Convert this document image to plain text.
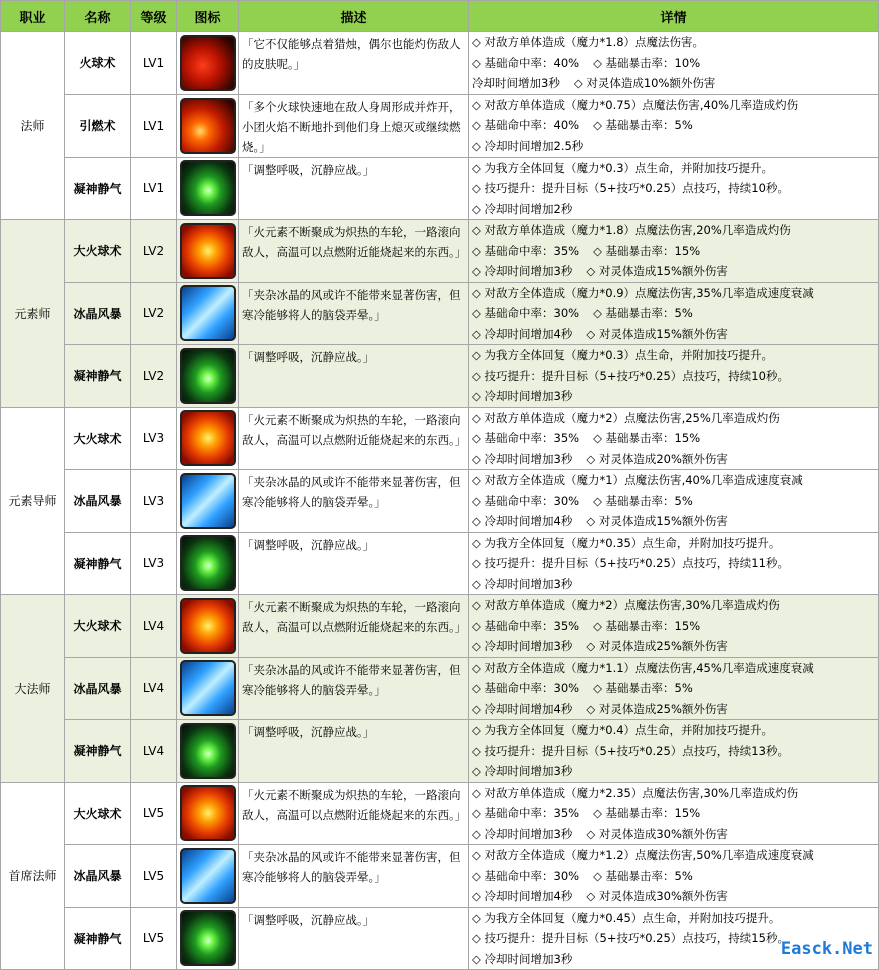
职业	名称	等级	图标	描述	详情
法师	火球术	LV1		「它不仅能够点着猎烛，偶尔也能灼伤敌人的皮肤呢。」	◇ 对敌方单体造成（魔力*1.8）点魔法伤害。
◇ 基础命中率：40% ◇ 基础暴击率：10%
冷却时间增加3秒 ◇ 对灵体造成10%额外伤害

	引燃术	LV1		「多个火球快速地在敌人身周形成并炸开，小团火焰不断地扑到他们身上熄灭或继续燃烧。」	◇ 对敌方单体造成（魔力*0.75）点魔法伤害,40%几率造成灼伤
◇ 基础命中率：40% ◇ 基础暴击率：5%
◇ 冷却时间增加2.5秒

	凝神静气	LV1		「调整呼吸，沉静应战。」	◇ 为我方全体回复（魔力*0.3）点生命，并附加技巧提升。
◇ 技巧提升：提升目标（5+技巧*0.25）点技巧，持续10秒。
◇ 冷却时间增加2秒

元素师	大火球术	LV2		「火元素不断聚成为炽热的车轮，一路滚向敌人，高温可以点燃附近能烧起来的东西。」	◇ 对敌方单体造成（魔力*1.8）点魔法伤害,20%几率造成灼伤
◇ 基础命中率：35% ◇ 基础暴击率：15%
◇ 冷却时间增加3秒 ◇ 对灵体造成15%额外伤害

	冰晶风暴	LV2		「夹杂冰晶的风或许不能带来显著伤害，但寒冷能够将人的脑袋弄晕。」	◇ 对敌方全体造成（魔力*0.9）点魔法伤害,35%几率造成速度衰减
◇ 基础命中率：30% ◇ 基础暴击率：5%
◇ 冷却时间增加4秒 ◇ 对灵体造成15%额外伤害

	凝神静气	LV2		「调整呼吸，沉静应战。」	◇ 为我方全体回复（魔力*0.3）点生命，并附加技巧提升。
◇ 技巧提升：提升目标（5+技巧*0.25）点技巧，持续10秒。
◇ 冷却时间增加3秒

元素导师	大火球术	LV3		「火元素不断聚成为炽热的车轮，一路滚向敌人，高温可以点燃附近能烧起来的东西。」	◇ 对敌方单体造成（魔力*2）点魔法伤害,25%几率造成灼伤
◇ 基础命中率：35% ◇ 基础暴击率：15%
◇ 冷却时间增加3秒 ◇ 对灵体造成20%额外伤害

	冰晶风暴	LV3		「夹杂冰晶的风或许不能带来显著伤害，但寒冷能够将人的脑袋弄晕。」	◇ 对敌方全体造成（魔力*1）点魔法伤害,40%几率造成速度衰减
◇ 基础命中率：30% ◇ 基础暴击率：5%
◇ 冷却时间增加4秒 ◇ 对灵体造成15%额外伤害

	凝神静气	LV3		「调整呼吸，沉静应战。」	◇ 为我方全体回复（魔力*0.35）点生命，并附加技巧提升。
◇ 技巧提升：提升目标（5+技巧*0.25）点技巧，持续11秒。
◇ 冷却时间增加3秒

大法师	大火球术	LV4		「火元素不断聚成为炽热的车轮，一路滚向敌人，高温可以点燃附近能烧起来的东西。」	◇ 对敌方单体造成（魔力*2）点魔法伤害,30%几率造成灼伤
◇ 基础命中率：35% ◇ 基础暴击率：15%
◇ 冷却时间增加3秒 ◇ 对灵体造成25%额外伤害

	冰晶风暴	LV4		「夹杂冰晶的风或许不能带来显著伤害，但寒冷能够将人的脑袋弄晕。」	◇ 对敌方全体造成（魔力*1.1）点魔法伤害,45%几率造成速度衰减
◇ 基础命中率：30% ◇ 基础暴击率：5%
◇ 冷却时间增加4秒 ◇ 对灵体造成25%额外伤害

	凝神静气	LV4		「调整呼吸，沉静应战。」	◇ 为我方全体回复（魔力*0.4）点生命，并附加技巧提升。
◇ 技巧提升：提升目标（5+技巧*0.25）点技巧，持续13秒。
◇ 冷却时间增加3秒

首席法师	大火球术	LV5		「火元素不断聚成为炽热的车轮，一路滚向敌人，高温可以点燃附近能烧起来的东西。」	◇ 对敌方单体造成（魔力*2.35）点魔法伤害,30%几率造成灼伤
◇ 基础命中率：35% ◇ 基础暴击率：15%
◇ 冷却时间增加3秒 ◇ 对灵体造成30%额外伤害

	冰晶风暴	LV5		「夹杂冰晶的风或许不能带来显著伤害，但寒冷能够将人的脑袋弄晕。」	◇ 对敌方全体造成（魔力*1.2）点魔法伤害,50%几率造成速度衰减
◇ 基础命中率：30% ◇ 基础暴击率：5%
◇ 冷却时间增加4秒 ◇ 对灵体造成30%额外伤害

	凝神静气	LV5		「调整呼吸，沉静应战。」	◇ 为我方全体回复（魔力*0.45）点生命，并附加技巧提升。
◇ 技巧提升：提升目标（5+技巧*0.25）点技巧，持续15秒。
◇ 冷却时间增加3秒	Easck.Net
